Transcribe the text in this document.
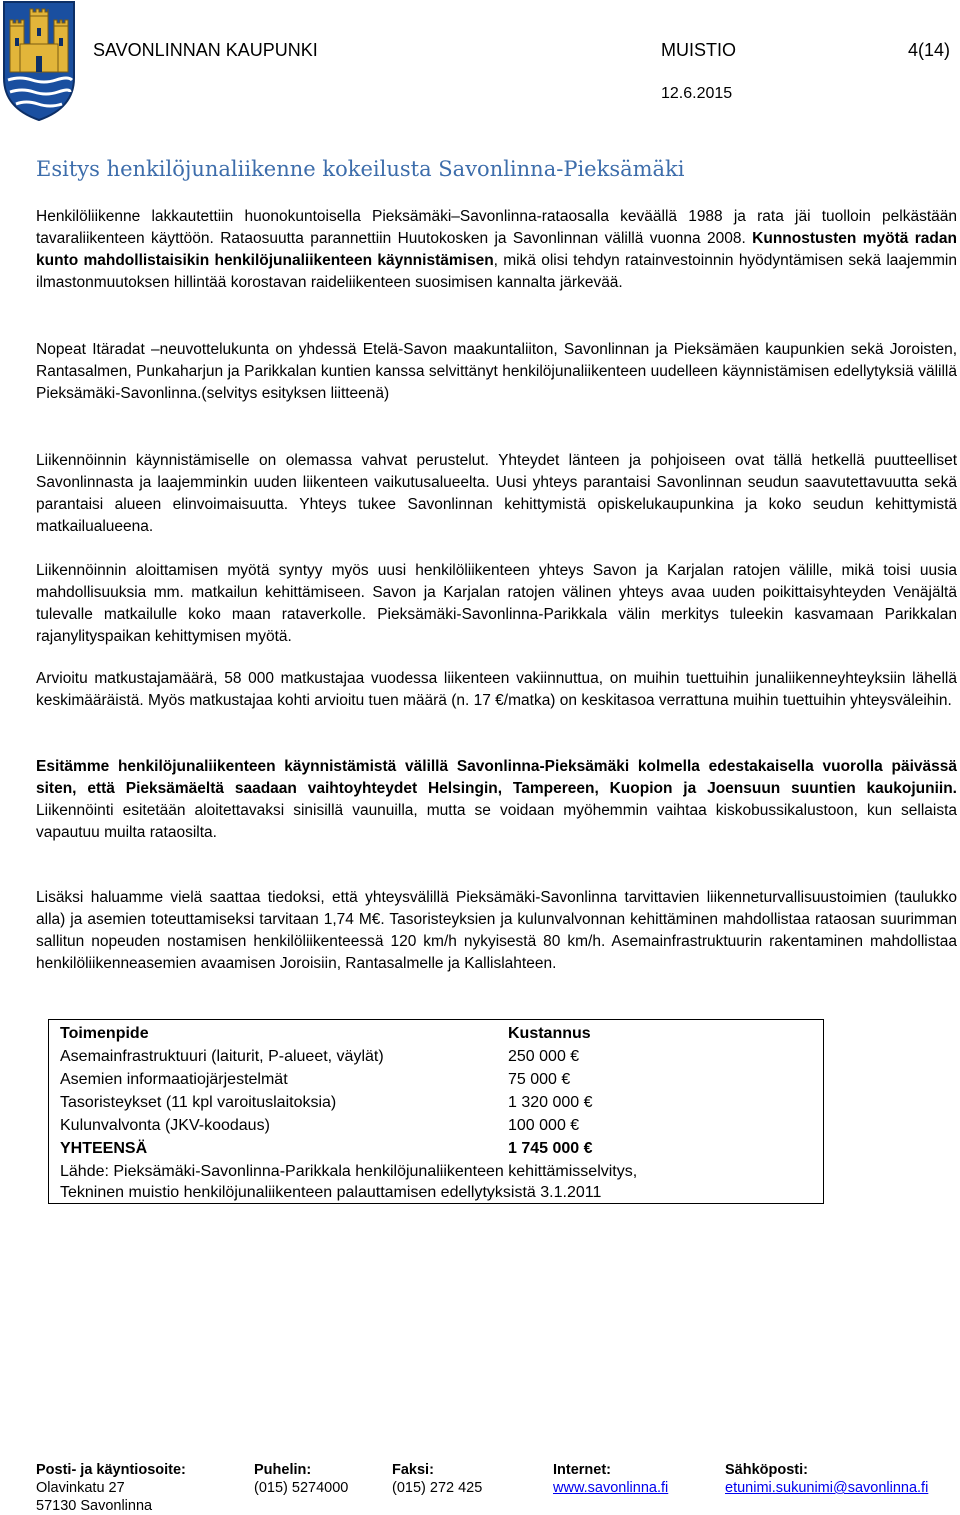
SAVONLINNAN KAUPUNKI	MUISTIO	4(14)
12.6.2015
Esitys henkilöjunaliikenne kokeilusta Savonlinna-Pieksämäki

Henkilöliikenne lakkautettiin huonokuntoisella Pieksämäki–Savonlinna-rataosalla keväällä 1988 ja rata jäi tuolloin pelkästään tavaraliikenteen käyttöön. Rataosuutta parannettiin Huutokosken ja Savonlinnan välillä vuonna 2008. Kunnostusten myötä radan kunto mahdollistaisikin henkilöjunaliikenteen käynnistämisen, mikä olisi tehdyn ratainvestoinnin hyödyntämisen sekä laajemmin ilmastonmuutoksen hillintää korostavan raideliikenteen suosimisen kannalta järkevää.

Nopeat Itäradat –neuvottelukunta on yhdessä Etelä-Savon maakuntaliiton, Savonlinnan ja Pieksämäen kaupunkien sekä Joroisten, Rantasalmen, Punkaharjun ja Parikkalan kuntien kanssa selvittänyt henkilöjunaliikenteen uudelleen käynnistämisen edellytyksiä välillä Pieksämäki-Savonlinna.(selvitys esityksen liitteenä)

Liikennöinnin käynnistämiselle on olemassa vahvat perustelut. Yhteydet länteen ja pohjoiseen ovat tällä hetkellä puutteelliset Savonlinnasta ja laajemminkin uuden liikenteen vaikutusalueelta. Uusi yhteys parantaisi Savonlinnan seudun saavutettavuutta sekä parantaisi alueen elinvoimaisuutta. Yhteys tukee Savonlinnan kehittymistä opiskelukaupunkina ja koko seudun kehittymistä matkailualueena.

Liikennöinnin aloittamisen myötä syntyy myös uusi henkilöliikenteen yhteys Savon ja Karjalan ratojen välille, mikä toisi uusia mahdollisuuksia mm. matkailun kehittämiseen. Savon ja Karjalan ratojen välinen yhteys avaa uuden poikittaisyhteyden Venäjältä tulevalle matkailulle koko maan rataverkolle. Pieksämäki-Savonlinna-Parikkala välin merkitys tuleekin kasvamaan Parikkalan rajanylityspaikan kehittymisen myötä.

Arvioitu matkustajamäärä, 58 000 matkustajaa vuodessa liikenteen vakiinnuttua, on muihin tuettuihin junaliikenneyhteyksiin lähellä keskimääräistä. Myös matkustajaa kohti arvioitu tuen määrä (n. 17 €/matka) on keskitasoa verrattuna muihin tuettuihin yhteysväleihin.

Esitämme henkilöjunaliikenteen käynnistämistä välillä Savonlinna-Pieksämäki kolmella edestakaisella vuorolla päivässä siten, että Pieksämäeltä saadaan vaihtoyhteydet Helsingin, Tampereen, Kuopion ja Joensuun suuntien kaukojuniin. Liikennöinti esitetään aloitettavaksi sinisillä vaunuilla, mutta se voidaan myöhemmin vaihtaa kiskobussikalustoon, kun sellaista vapautuu muilta rataosilta.

Lisäksi haluamme vielä saattaa tiedoksi, että yhteysvälillä Pieksämäki-Savonlinna tarvittavien liikenneturvallisuustoimien (taulukko alla) ja asemien toteuttamiseksi tarvitaan 1,74 M€. Tasoristeyksien ja kulunvalvonnan kehittäminen mahdollistaa rataosan suurimman sallitun nopeuden nostamisen henkilöliikenteessä 120 km/h nykyisestä 80 km/h. Asemainfrastruktuurin rakentaminen mahdollistaa henkilöliikenneasemien avaamisen Joroisiin, Rantasalmelle ja Kallislahteen.

Toimenpide	Kustannus
Asemainfrastruktuuri (laiturit, P-alueet, väylät)	250 000 €
Asemien informaatiojärjestelmät	75 000 €
Tasoristeykset (11 kpl varoituslaitoksia)	1 320 000 €
Kulunvalvonta (JKV-koodaus)	100 000 €
YHTEENSÄ	1 745 000 €

Lähde: Pieksämäki-Savonlinna-Parikkala henkilöjunaliikenteen kehittämisselvitys,
Tekninen muistio henkilöjunaliikenteen palauttamisen edellytyksistä 3.1.2011	
Posti- ja käyntiosoite:
Olavinkatu 27
57130 Savonlinna
Puhelin:
(015) 5274000
Faksi:
(015) 272 425
Internet:
www.savonlinna.fi
Sähköposti:
etunimi.sukunimi@savonlinna.fi
